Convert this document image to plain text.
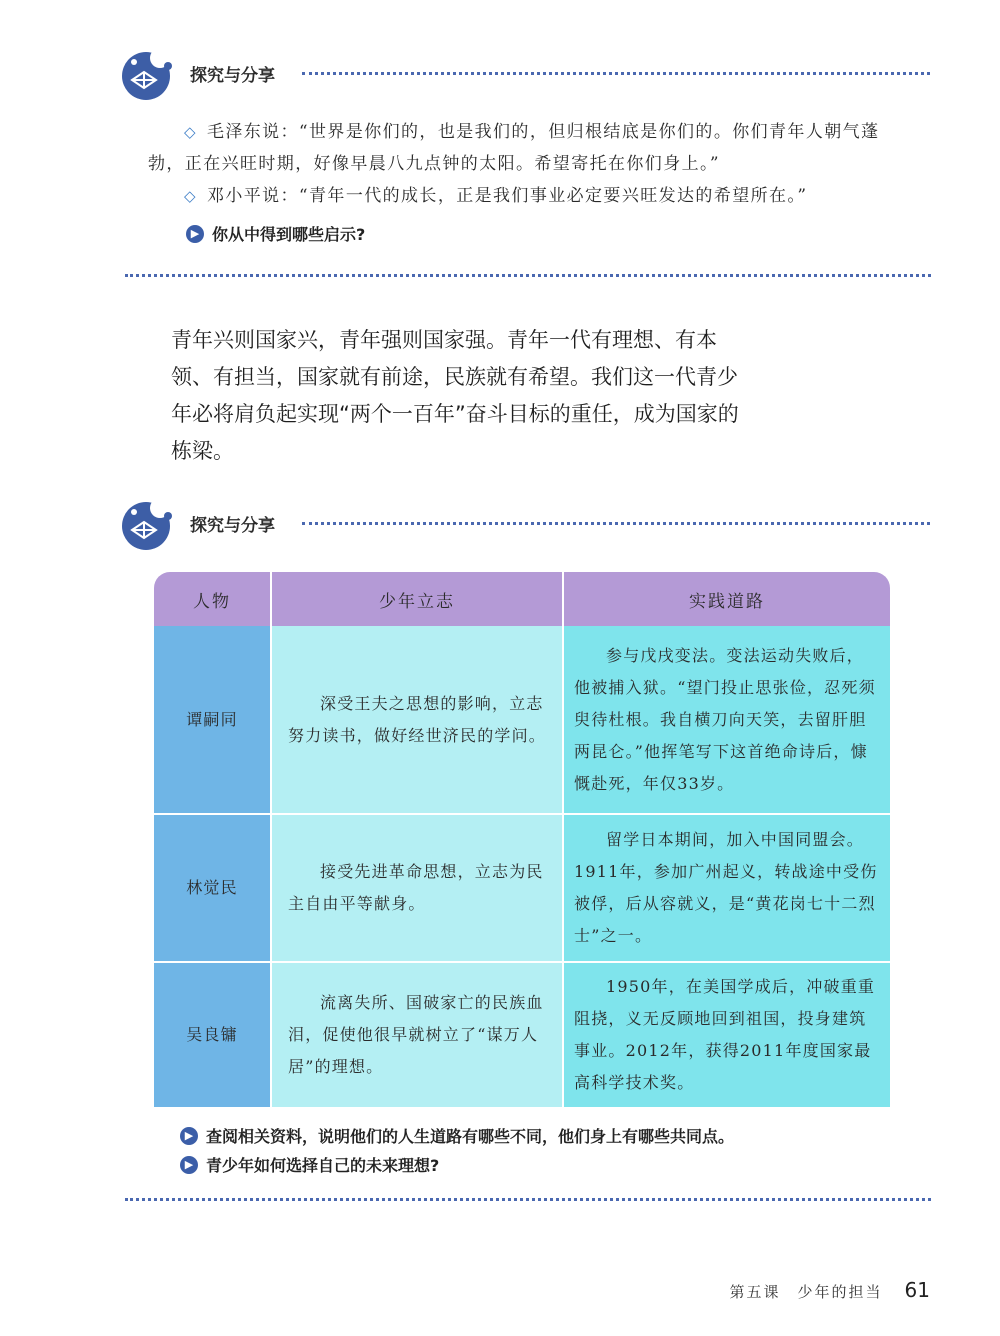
探究与分享
◇ 毛泽东说：“世界是你们的，也是我们的，但归根结底是你们的。你们青年人朝气蓬勃，正在兴旺时期，好像早晨八九点钟的太阳。希望寄托在你们身上。”
◇ 邓小平说：“青年一代的成长，正是我们事业必定要兴旺发达的希望所在。”
▶ 你从中得到哪些启示?

青年兴则国家兴，青年强则国家强。青年一代有理想、有本领、有担当，国家就有前途，民族就有希望。我们这一代青少年必将肩负起实现“两个一百年”奋斗目标的重任，成为国家的栋梁。

探究与分享
人物	少年立志	实践道路
谭嗣同	深受王夫之思想的影响，立志努力读书，做好经世济民的学问。	参与戊戌变法。变法运动失败后，他被捕入狱。“望门投止思张俭，忍死须臾待杜根。我自横刀向天笑，去留肝胆两昆仑。”他挥笔写下这首绝命诗后，慷慨赴死，年仅33岁。

林觉民	接受先进革命思想，立志为民主自由平等献身。	留学日本期间，加入中国同盟会。1911年，参加广州起义，转战途中受伤被俘，后从容就义，是“黄花岗七十二烈士”之一。

吴良镛	流离失所、国破家亡的民族血泪，促使他很早就树立了“谋万人居”的理想。	1950年，在美国学成后，冲破重重阻挠，义无反顾地回到祖国，投身建筑事业。2012年，获得2011年度国家最高科学技术奖。
▶ 查阅相关资料，说明他们的人生道路有哪些不同，他们身上有哪些共同点。
▶ 青少年如何选择自己的未来理想?
第五课　少年的担当 61
